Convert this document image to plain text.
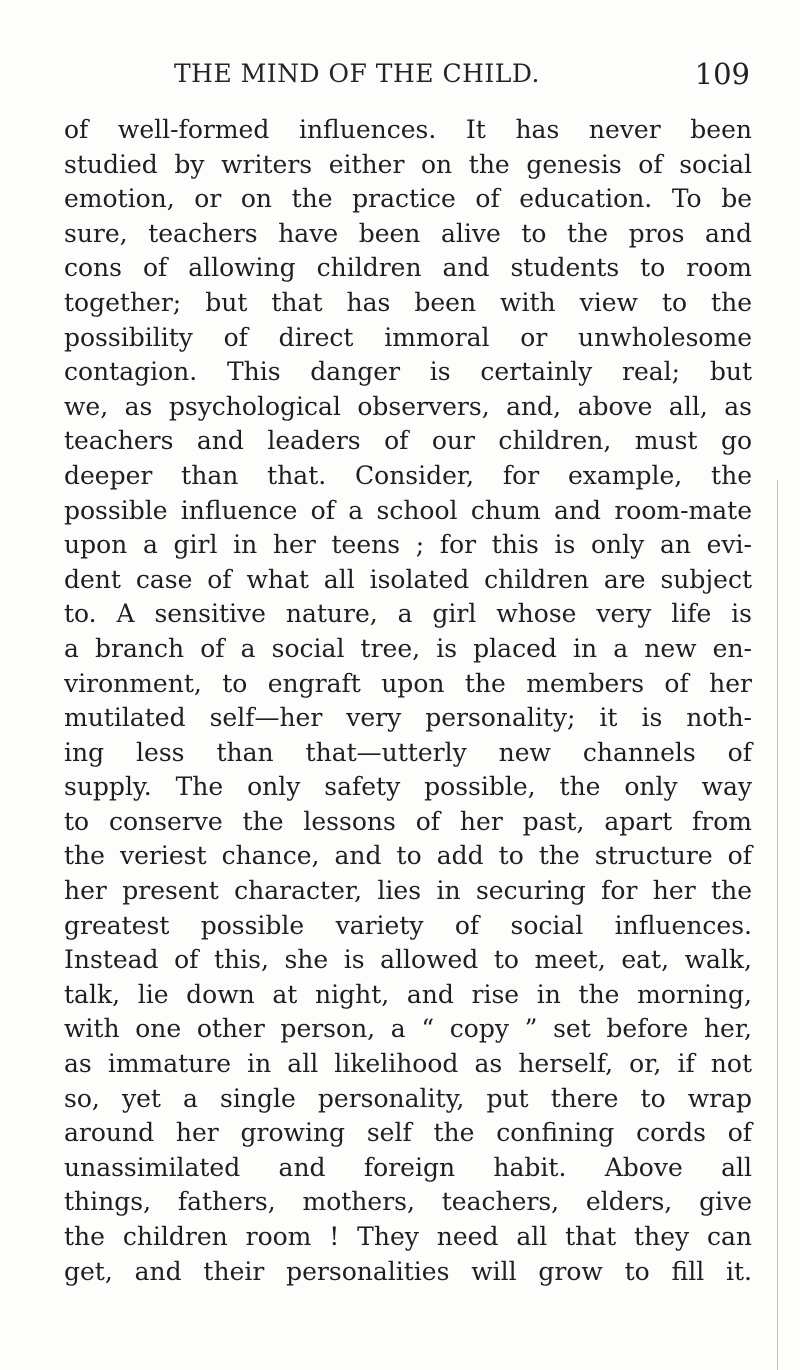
THE MIND OF THE CHILD.	109
of well-formed influences. It has never been
studied by writers either on the genesis of social
emotion, or on the practice of education. To be
sure, teachers have been alive to the pros and
cons of allowing children and students to room
together; but that has been with view to the
possibility of direct immoral or unwholesome
contagion. This danger is certainly real; but
we, as psychological observers, and, above all, as
teachers and leaders of our children, must go
deeper than that. Consider, for example, the
possible influence of a school chum and room-mate
upon a girl in her teens ; for this is only an evi-
dent case of what all isolated children are subject
to. A sensitive nature, a girl whose very life is
a branch of a social tree, is placed in a new en-
vironment, to engraft upon the members of her
mutilated self—her very personality; it is noth-
ing less than that—utterly new channels of
supply. The only safety possible, the only way
to conserve the lessons of her past, apart from
the veriest chance, and to add to the structure of
her present character, lies in securing for her the
greatest possible variety of social influences.
Instead of this, she is allowed to meet, eat, walk,
talk, lie down at night, and rise in the morning,
with one other person, a “ copy ” set before her,
as immature in all likelihood as herself, or, if not
so, yet a single personality, put there to wrap
around her growing self the confining cords of
unassimilated and foreign habit. Above all
things, fathers, mothers, teachers, elders, give
the children room ! They need all that they can
get, and their personalities will grow to fill it.
